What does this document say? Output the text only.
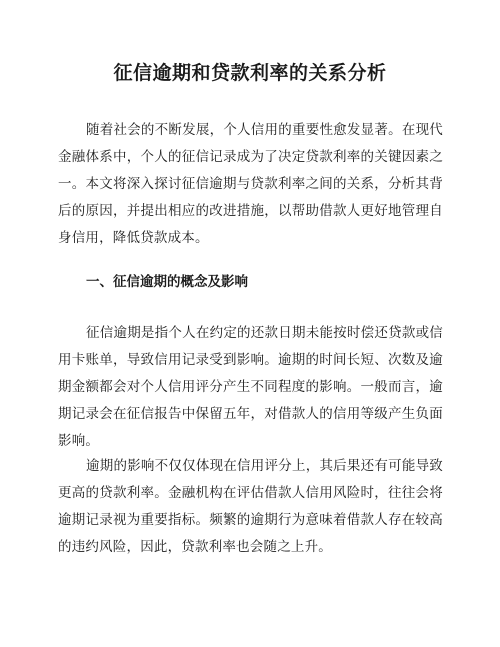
征信逾期和贷款利率的关系分析

随着社会的不断发展，个人信用的重要性愈发显著。在现代金融体系中，个人的征信记录成为了决定贷款利率的关键因素之一。本文将深入探讨征信逾期与贷款利率之间的关系，分析其背后的原因，并提出相应的改进措施，以帮助借款人更好地管理自身信用，降低贷款成本。

一、征信逾期的概念及影响

征信逾期是指个人在约定的还款日期未能按时偿还贷款或信用卡账单，导致信用记录受到影响。逾期的时间长短、次数及逾期金额都会对个人信用评分产生不同程度的影响。一般而言，逾期记录会在征信报告中保留五年，对借款人的信用等级产生负面影响。

逾期的影响不仅仅体现在信用评分上，其后果还有可能导致更高的贷款利率。金融机构在评估借款人信用风险时，往往会将逾期记录视为重要指标。频繁的逾期行为意味着借款人存在较高的违约风险，因此，贷款利率也会随之上升。
